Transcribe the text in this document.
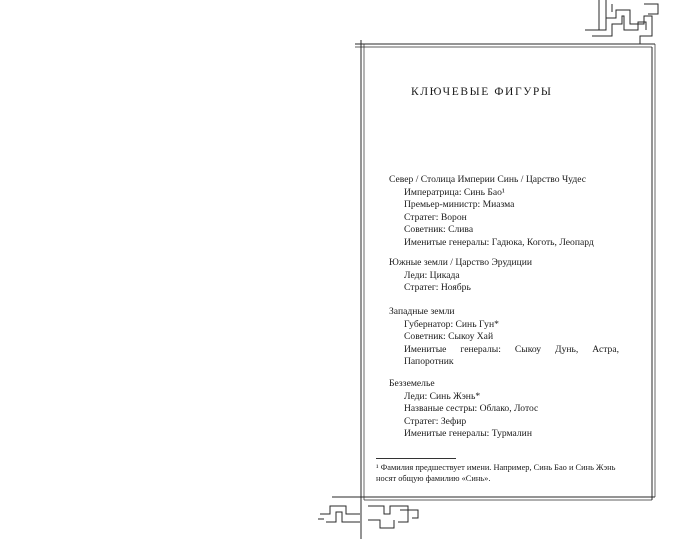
КЛЮЧЕВЫЕ ФИГУРЫ
Север / Столица Империи Синь / Царство Чудес
Императрица: Синь Бао¹
Премьер-министр: Миазма
Стратег: Ворон
Советник: Слива
Именитые генералы: Гадюка, Коготь, Леопард
Южные земли / Царство Эрудиции
Леди: Цикада
Стратег: Ноябрь
Западные земли
Губернатор: Синь Гун*
Советник: Сыкоу Хай
Именитые генералы: Сыкоу Дунь, Астра, Папоротник
Безземелье
Леди: Синь Жэнь*
Названые сестры: Облако, Лотос
Стратег: Зефир
Именитые генералы: Турмалин
¹ Фамилия предшествует имени. Например, Синь Бао и Синь Жэнь носят общую фамилию «Синь».
